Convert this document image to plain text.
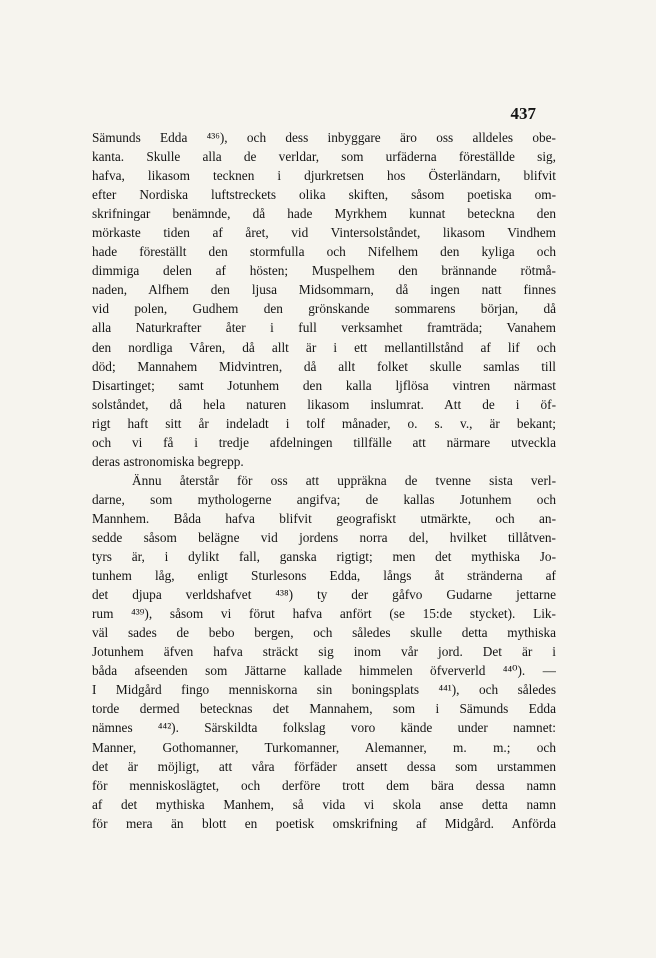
437
Sämunds Edda ⁴³⁶), och dess inbyggare äro oss alldeles obe-
kanta. Skulle alla de verldar, som urfäderna föreställde sig,
hafva, likasom tecknen i djurkretsen hos Österländarn, blifvit
efter Nordiska luftstreckets olika skiften, såsom poetiska om-
skrifningar benämnde, då hade Myrkhem kunnat beteckna den
mörkaste tiden af året, vid Vintersolståndet, likasom Vindhem
hade föreställt den stormfulla och Nifelhem den kyliga och
dimmiga delen af hösten; Muspelhem den brännande rötmå-
naden, Alfhem den ljusa Midsommarn, då ingen natt finnes
vid polen, Gudhem den grönskande sommarens början, då
alla Naturkrafter åter i full verksamhet framträda; Vanahem
den nordliga Våren, då allt är i ett mellantillstånd af lif och
död; Mannahem Midvintren, då allt folket skulle samlas till
Disartinget; samt Jotunhem den kalla ljflösa vintren närmast
solståndet, då hela naturen likasom inslumrat. Att de i öf-
rigt haft sitt år indeladt i tolf månader, o. s. v., är bekant;
och vi få i tredje afdelningen tillfälle att närmare utveckla
deras astronomiska begrepp.
Ännu återstår för oss att uppräkna de tvenne sista verl-
darne, som mythologerne angifva; de kallas Jotunhem och
Mannhem. Båda hafva blifvit geografiskt utmärkte, och an-
sedde såsom belägne vid jordens norra del, hvilket tillåtven-
tyrs är, i dylikt fall, ganska rigtigt; men det mythiska Jo-
tunhem låg, enligt Sturlesons Edda, långs åt stränderna af
det djupa verldshafvet ⁴³⁸) ty der gåfvo Gudarne jettarne
rum ⁴³⁹), såsom vi förut hafva anfört (se 15:de stycket). Lik-
väl sades de bebo bergen, och således skulle detta mythiska
Jotunhem äfven hafva sträckt sig inom vår jord. Det är i
båda afseenden som Jättarne kallade himmelen öfververld ⁴⁴⁰). —
I Midgård fingo menniskorna sin boningsplats ⁴⁴¹), och således
torde dermed betecknas det Mannahem, som i Sämunds Edda
nämnes ⁴⁴²). Särskildta folkslag voro kände under namnet:
Manner, Gothomanner, Turkomanner, Alemanner, m. m.; och
det är möjligt, att våra förfäder ansett dessa som urstammen
för menniskoslägtet, och derföre trott dem bära dessa namn
af det mythiska Manhem, så vida vi skola anse detta namn
för mera än blott en poetisk omskrifning af Midgård. Anförda
